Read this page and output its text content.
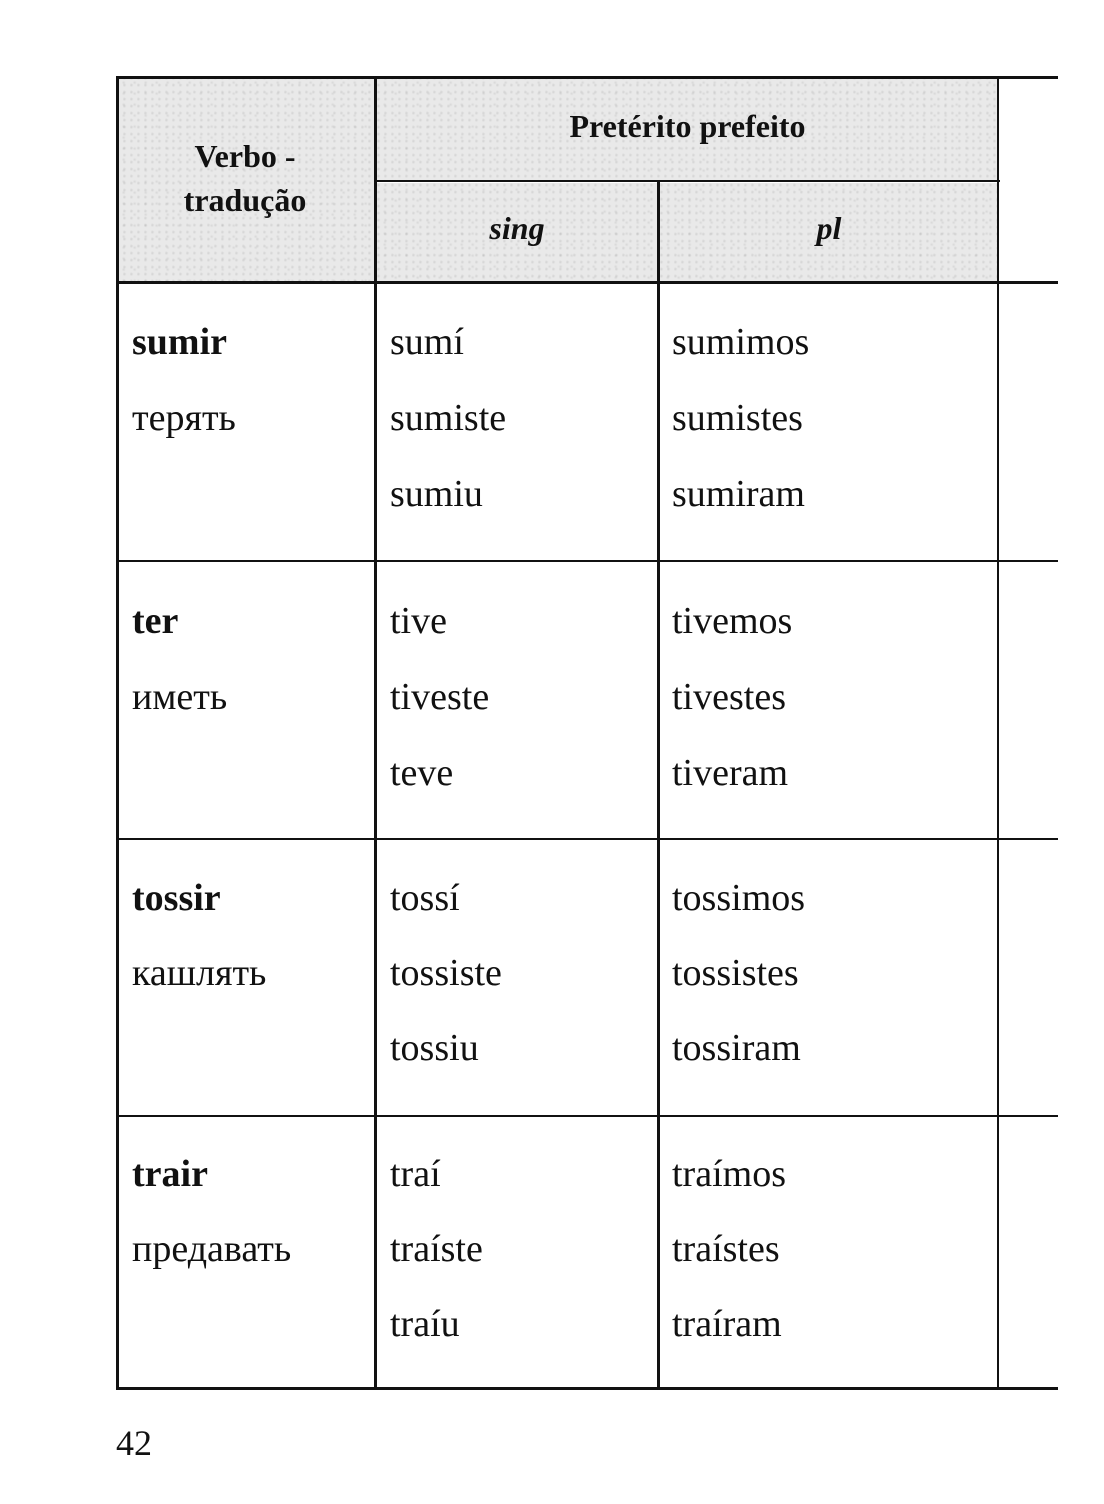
Verbo -
tradução
Pretérito prefeito
sing	pl
sumir
терять
sumí
sumiste
sumiu
sumimos
sumistes
sumiram
ter
иметь
tive
tiveste
teve
tivemos
tivestes
tiveram
tossir
кашлять
tossí
tossiste
tossiu
tossimos
tossistes
tossiram
trair
предавать
traí
traíste
traíu
traímos
traístes
traíram
42
